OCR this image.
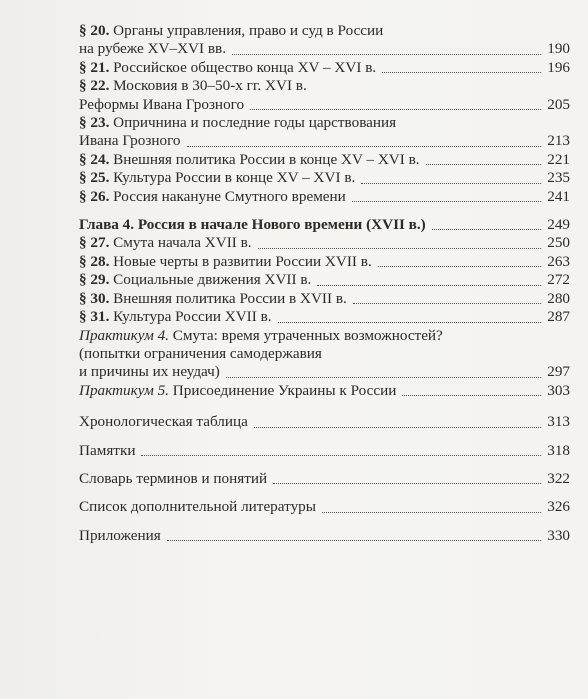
§ 20. Органы управления, право и суд в России
на рубеже XV–XVI вв.	190
§ 21. Российское общество конца XV – XVI в.	196
§ 22. Московия в 30–50-х гг. XVI в.
Реформы Ивана Грозного	205
§ 23. Опричнина и последние годы царствования
Ивана Грозного	213
§ 24. Внешняя политика России в конце XV – XVI в.	221
§ 25. Культура России в конце XV – XVI в.	235
§ 26. Россия накануне Смутного времени	241
Глава 4. Россия в начале Нового времени (XVII в.)	249
§ 27. Смута начала XVII в.	250
§ 28. Новые черты в развитии России XVII в.	263
§ 29. Социальные движения XVII в.	272
§ 30. Внешняя политика России в XVII в.	280
§ 31. Культура России XVII в.	287
Практикум 4. Смута: время утраченных возможностей?
(попытки ограничения самодержавия
и причины их неудач)	297
Практикум 5. Присоединение Украины к России	303
Хронологическая таблица	313
Памятки	318
Словарь терминов и понятий	322
Список дополнительной литературы	326
Приложения	330
